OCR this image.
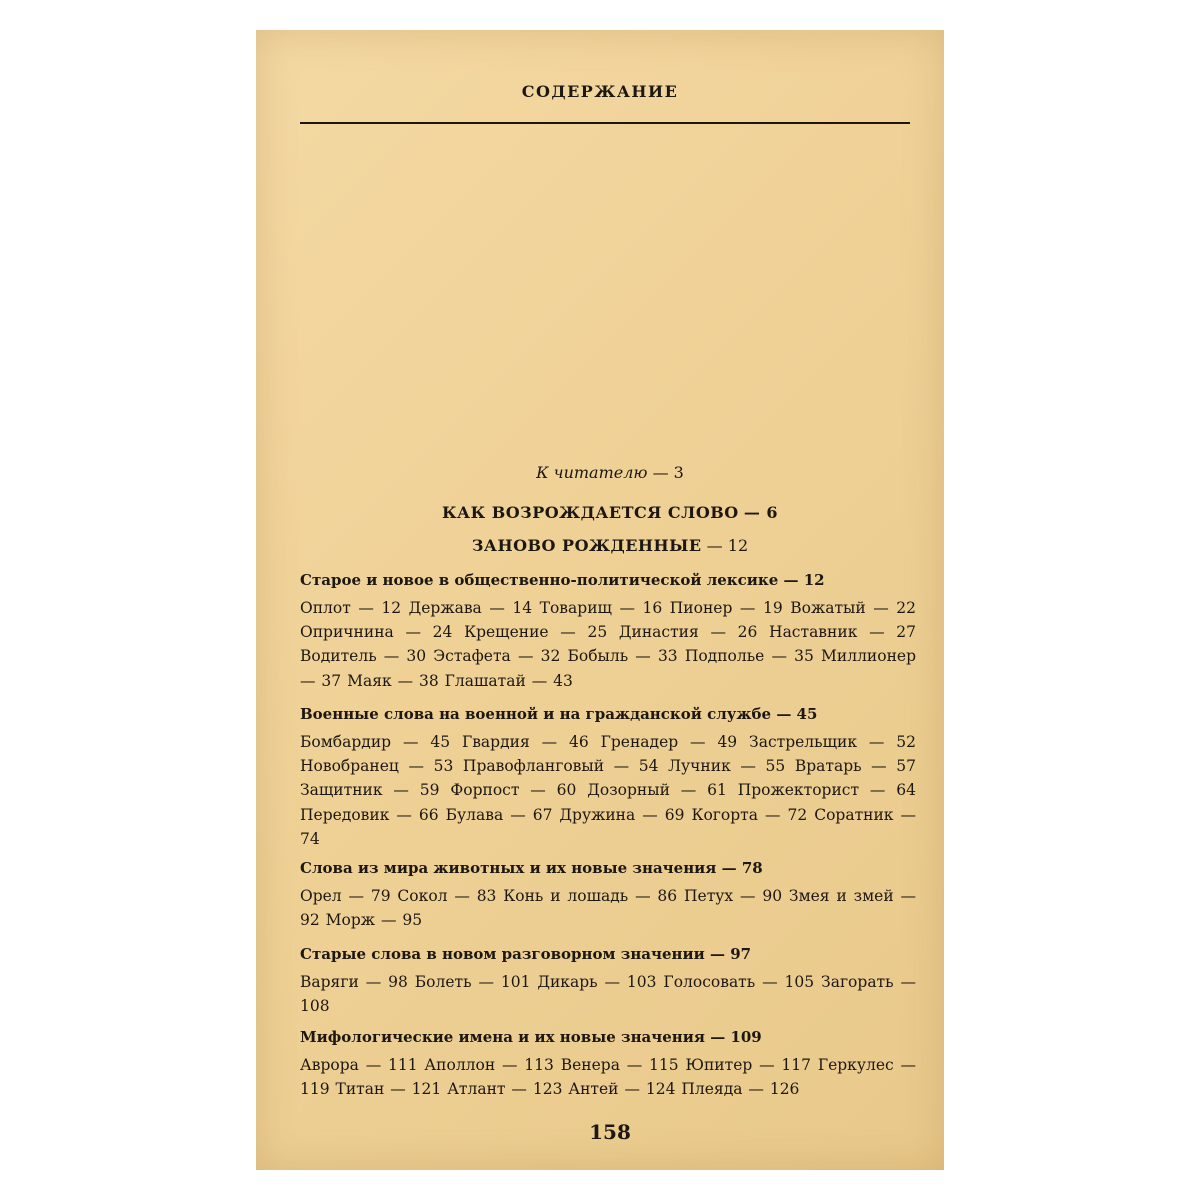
СОДЕРЖАНИЕ
К читателю — 3
КАК ВОЗРОЖДАЕТСЯ СЛОВО — 6
ЗАНОВО РОЖДЕННЫЕ — 12
Старое и новое в общественно-политической лексике — 12
Оплот — 12 Держава — 14 Товарищ — 16 Пионер — 19 Вожатый — 22 Опричнина — 24 Крещение — 25 Династия — 26 Наставник — 27 Водитель — 30 Эстафета — 32 Бобыль — 33 Подполье — 35 Миллионер — 37 Маяк — 38 Глашатай — 43
Военные слова на военной и на гражданской службе — 45
Бомбардир — 45 Гвардия — 46 Гренадер — 49 Застрельщик — 52 Новобранец — 53 Правофланговый — 54 Лучник — 55 Вратарь — 57 Защитник — 59 Форпост — 60 Дозорный — 61 Прожекторист — 64 Передовик — 66 Булава — 67 Дружина — 69 Когорта — 72 Соратник — 74
Слова из мира животных и их новые значения — 78
Орел — 79 Сокол — 83 Конь и лошадь — 86 Петух — 90 Змея и змей — 92 Морж — 95
Старые слова в новом разговорном значении — 97
Варяги — 98 Болеть — 101 Дикарь — 103 Голосовать — 105 Загорать — 108
Мифологические имена и их новые значения — 109
Аврора — 111 Аполлон — 113 Венера — 115 Юпитер — 117 Геркулес — 119 Титан — 121 Атлант — 123 Антей — 124 Плеяда — 126
158
